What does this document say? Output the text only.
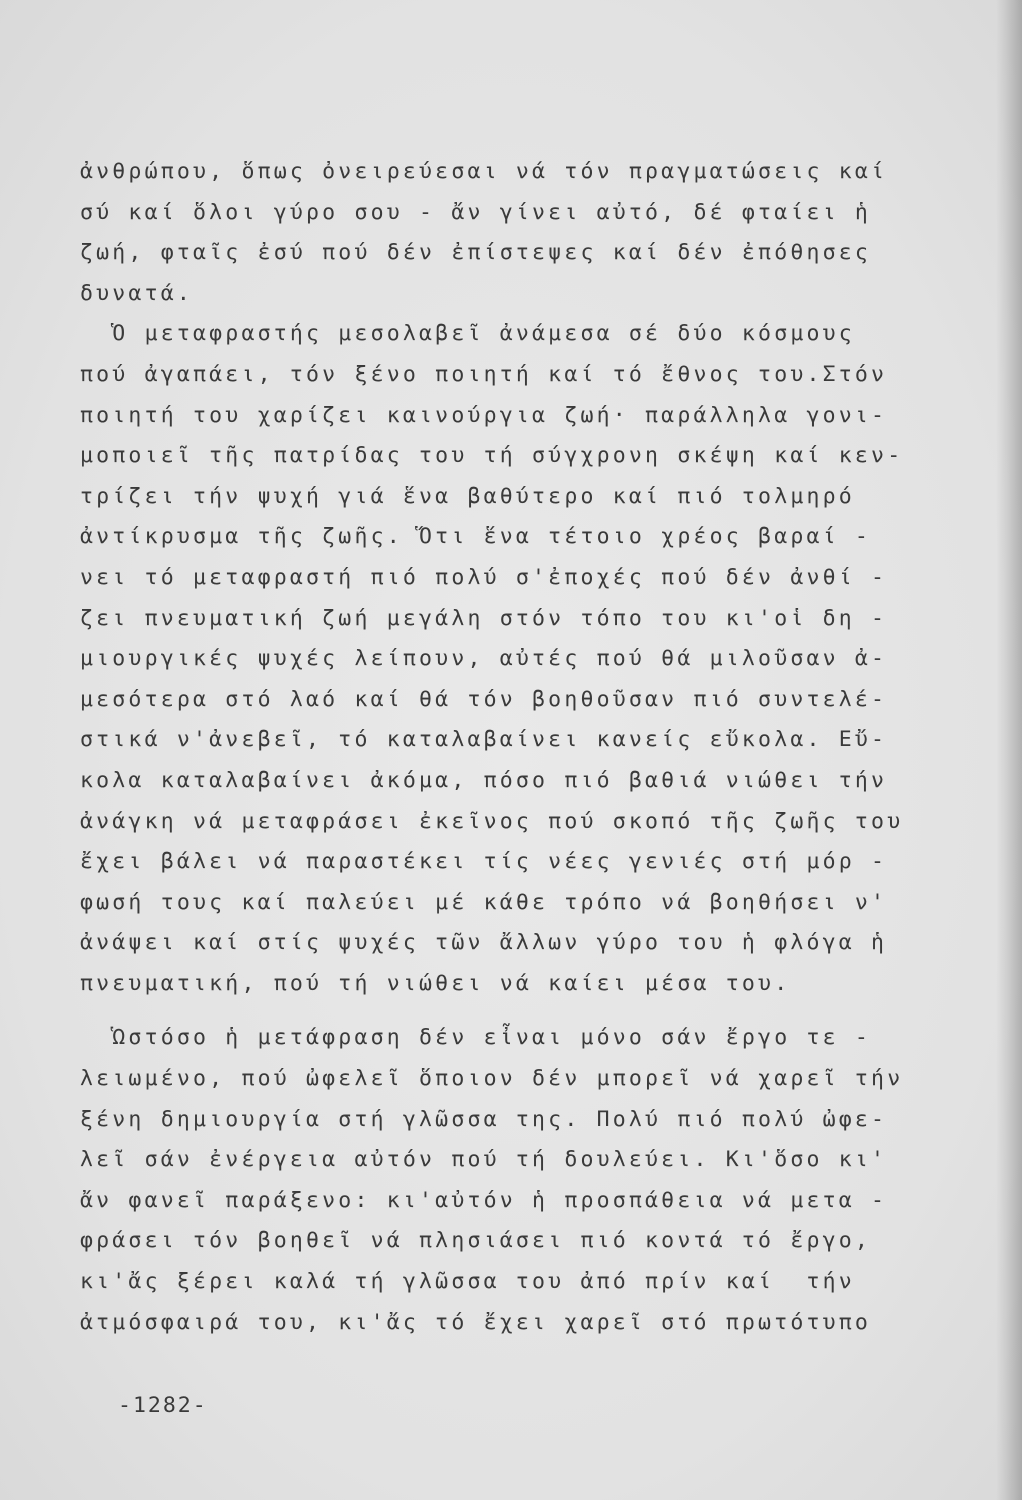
ἀνθρώπου, ὅπως ὀνειρεύεσαι νά τόν πραγματώσεις καί
σύ καί ὅλοι γύρο σου - ἄν γίνει αὐτό, δέ φταίει ἡ
ζωή, φταῖς ἐσύ πού δέν ἐπίστεψες καί δέν ἐπόθησες
δυνατά.
Ὁ μεταφραστής μεσολαβεῖ ἀνάμεσα σέ δύο κόσμους
πού ἀγαπάει, τόν ξένο ποιητή καί τό ἔθνος του.Στόν
ποιητή του χαρίζει καινούργια ζωή· παράλληλα γονι-
μοποιεῖ τῆς πατρίδας του τή σύγχρονη σκέψη καί κεν-
τρίζει τήν ψυχή γιά ἕνα βαθύτερο καί πιό τολμηρό
ἀντίκρυσμα τῆς ζωῆς. Ὅτι ἕνα τέτοιο χρέος βαραί -
νει τό μεταφραστή πιό πολύ σ'ἐποχές πού δέν ἀνθί -
ζει πνευματική ζωή μεγάλη στόν τόπο του κι'οἱ δη -
μιουργικές ψυχές λείπουν, αὐτές πού θά μιλοῦσαν ἀ-
μεσότερα στό λαό καί θά τόν βοηθοῦσαν πιό συντελέ-
στικά ν'ἀνεβεῖ, τό καταλαβαίνει κανείς εὔκολα. Εὔ-
κολα καταλαβαίνει ἀκόμα, πόσο πιό βαθιά νιώθει τήν
ἀνάγκη νά μεταφράσει ἐκεῖνος πού σκοπό τῆς ζωῆς του
ἔχει βάλει νά παραστέκει τίς νέες γενιές στή μόρ -
φωσή τους καί παλεύει μέ κάθε τρόπο νά βοηθήσει ν'
ἀνάψει καί στίς ψυχές τῶν ἄλλων γύρο του ἡ φλόγα ἡ
πνευματική, πού τή νιώθει νά καίει μέσα του.
Ὡστόσο ἡ μετάφραση δέν εἶναι μόνο σάν ἔργο τε -
λειωμένο, πού ὠφελεῖ ὅποιον δέν μπορεῖ νά χαρεῖ τήν
ξένη δημιουργία στή γλῶσσα της. Πολύ πιό πολύ ὠφε-
λεῖ σάν ἐνέργεια αὐτόν πού τή δουλεύει. Κι'ὅσο κι'
ἄν φανεῖ παράξενο: κι'αὐτόν ἡ προσπάθεια νά μετα -
φράσει τόν βοηθεῖ νά πλησιάσει πιό κοντά τό ἔργο,
κι'ἄς ξέρει καλά τή γλῶσσα του ἀπό πρίν καί  τήν
ἀτμόσφαιρά του, κι'ἄς τό ἔχει χαρεῖ στό πρωτότυπο
-1282-
